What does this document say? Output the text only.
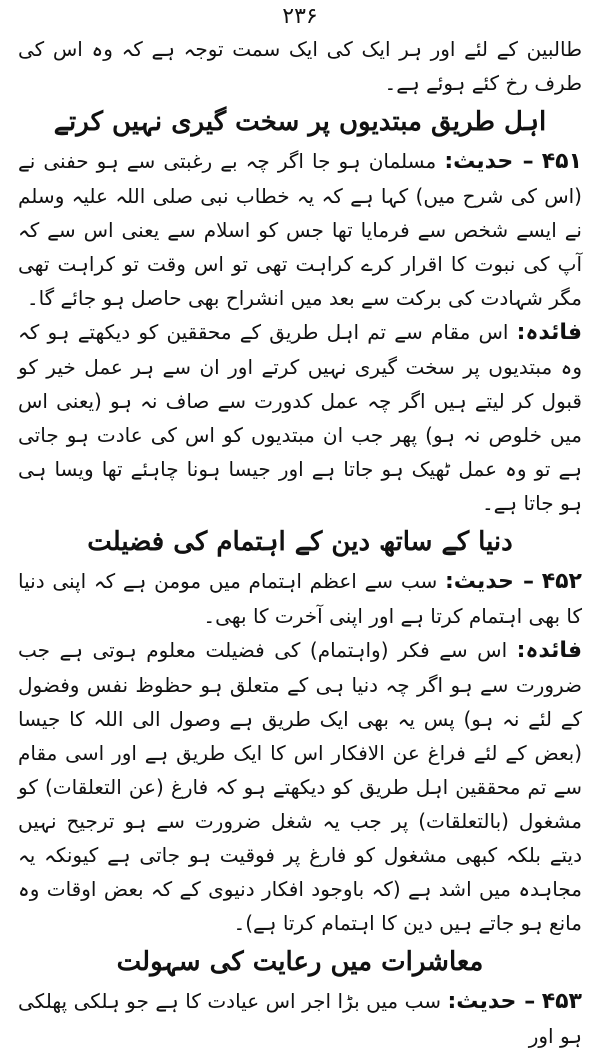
۲۳۶

طالبین کے لئے اور ہر ایک کی ایک سمت توجہ ہے کہ وہ اس کی طرف رخ کئے ہوئے ہے۔

اہل طریق مبتدیوں پر سخت گیری نہیں کرتے

۴۵۱ – حدیث: مسلمان ہو جا اگر چہ بے رغبتی سے ہو حفنی نے (اس کی شرح میں) کہا ہے کہ یہ خطاب نبی صلی اللہ علیہ وسلم نے ایسے شخص سے فرمایا تھا جس کو اسلام سے یعنی اس سے کہ آپ کی نبوت کا اقرار کرے کراہت تھی تو اس وقت تو کراہت تھی مگر شہادت کی برکت سے بعد میں انشراح بھی حاصل ہو جائے گا۔

فائدہ: اس مقام سے تم اہل طریق کے محققین کو دیکھتے ہو کہ وہ مبتدیوں پر سخت گیری نہیں کرتے اور ان سے ہر عمل خیر کو قبول کر لیتے ہیں اگر چہ عمل کدورت سے صاف نہ ہو (یعنی اس میں خلوص نہ ہو) پھر جب ان مبتدیوں کو اس کی عادت ہو جاتی ہے تو وہ عمل ٹھیک ہو جاتا ہے اور جیسا ہونا چاہئے تھا ویسا ہی ہو جاتا ہے۔

دنیا کے ساتھ دین کے اہتمام کی فضیلت

۴۵۲ – حدیث: سب سے اعظم اہتمام میں مومن ہے کہ اپنی دنیا کا بھی اہتمام کرتا ہے اور اپنی آخرت کا بھی۔

فائدہ: اس سے فکر (واہتمام) کی فضیلت معلوم ہوتی ہے جب ضرورت سے ہو اگر چہ دنیا ہی کے متعلق ہو حظوظ نفس وفضول کے لئے نہ ہو) پس یہ بھی ایک طریق ہے وصول الی اللہ کا جیسا (بعض کے لئے فراغ عن الافکار اس کا ایک طریق ہے اور اسی مقام سے تم محققین اہل طریق کو دیکھتے ہو کہ فارغ (عن التعلقات) کو مشغول (بالتعلقات) پر جب یہ شغل ضرورت سے ہو ترجیح نہیں دیتے بلکہ کبھی مشغول کو فارغ پر فوقیت ہو جاتی ہے کیونکہ یہ مجاہدہ میں اشد ہے (کہ باوجود افکار دنیوی کے کہ بعض اوقات وہ مانع ہو جاتے ہیں دین کا اہتمام کرتا ہے)۔

معاشرات میں رعایت کی سہولت

۴۵۳ – حدیث: سب میں بڑا اجر اس عیادت کا ہے جو ہلکی پھلکی ہو اور
